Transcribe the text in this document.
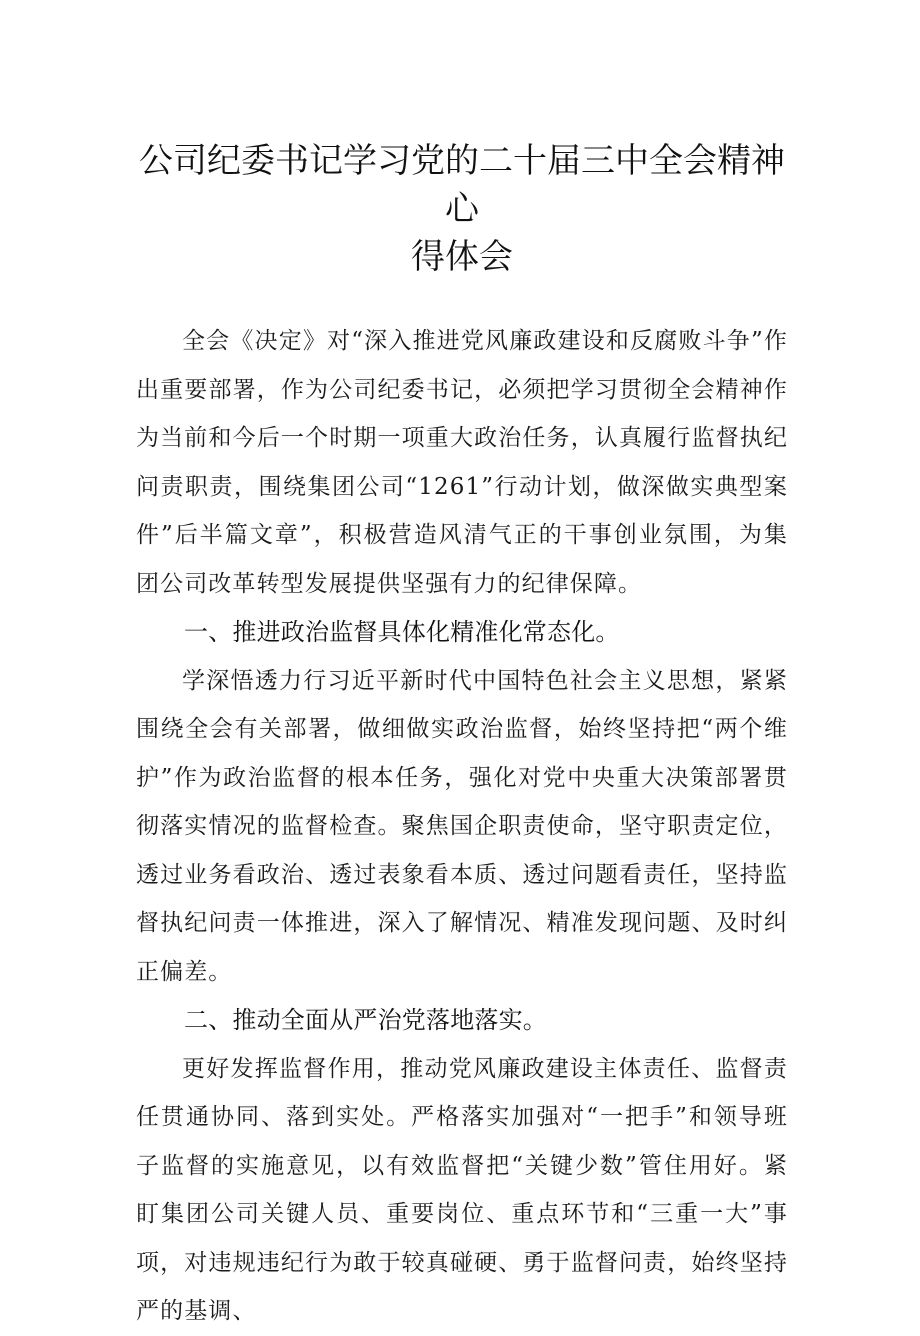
公司纪委书记学习党的二十届三中全会精神心
得体会

全会《决定》对“深入推进党风廉政建设和反腐败斗争”作出重要部署，作为公司纪委书记，必须把学习贯彻全会精神作为当前和今后一个时期一项重大政治任务，认真履行监督执纪问责职责，围绕集团公司“1261”行动计划，做深做实典型案件”后半篇文章”，积极营造风清气正的干事创业氛围，为集团公司改革转型发展提供坚强有力的纪律保障。

一、推进政治监督具体化精准化常态化。

学深悟透力行习近平新时代中国特色社会主义思想，紧紧围绕全会有关部署，做细做实政治监督，始终坚持把“两个维护”作为政治监督的根本任务，强化对党中央重大决策部署贯彻落实情况的监督检查。聚焦国企职责使命，坚守职责定位，透过业务看政治、透过表象看本质、透过问题看责任，坚持监督执纪问责一体推进，深入了解情况、精准发现问题、及时纠正偏差。

二、推动全面从严治党落地落实。

更好发挥监督作用，推动党风廉政建设主体责任、监督责任贯通协同、落到实处。严格落实加强对“一把手”和领导班子监督的实施意见，以有效监督把“关键少数”管住用好。紧盯集团公司关键人员、重要岗位、重点环节和“三重一大”事项，对违规违纪行为敢于较真碰硬、勇于监督问责，始终坚持严的基调、
